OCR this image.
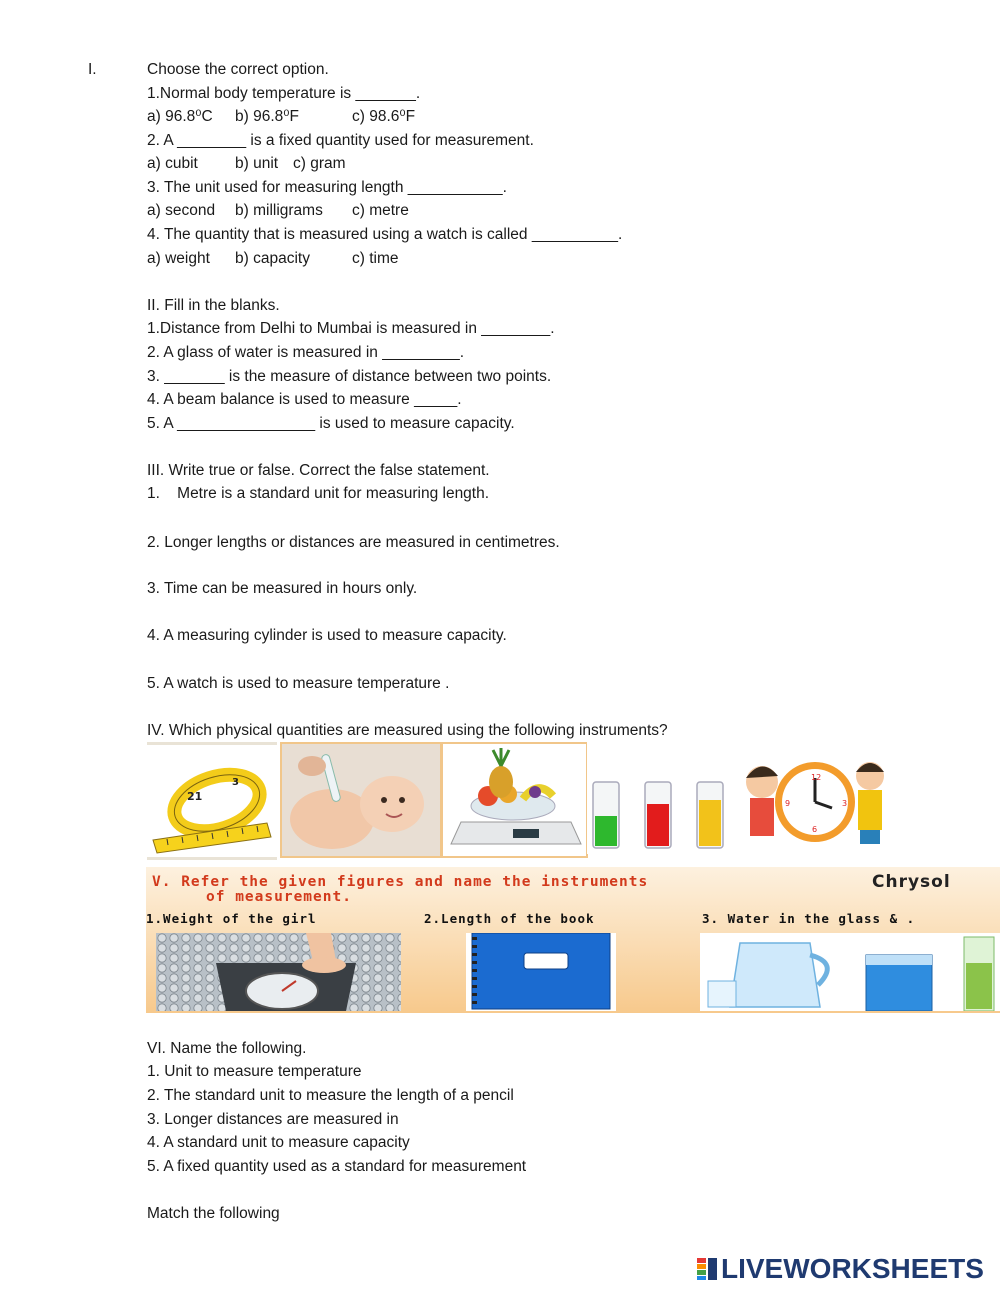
I.	Choose the correct option.
1.Normal body temperature is _______.
a) 96.8⁰C b) 96.8⁰F	c) 98.6⁰F
2. A ________ is a fixed quantity used for measurement.
a) cubit b) unit c) gram
3. The unit used for measuring length ___________.
a) second b) milligrams c) metre
4. The quantity that is measured using a watch is called __________.
a) weight b) capacity	c) time
II. Fill in the blanks.
1.Distance from Delhi to Mumbai is measured in ________.
2. A glass of water is measured in _________.
3. _______ is the measure of distance between two points.
4. A beam balance is used to measure _____.
5. A ________________ is used to measure capacity.
III. Write true or false. Correct the false statement.
1.    Metre is a standard unit for measuring length.
2. Longer lengths or distances are measured in centimetres.
3. Time can be measured in hours only.
4. A measuring cylinder is used to measure capacity.
5. A watch is used to measure temperature .
IV. Which physical quantities are measured using the following instruments?
21
3	12
3
6
9
V. Refer the given figures and name the instruments
of measurement.
Chrysol
1.Weight of the girl	2.Length of the book	3. Water in the glass & .
VI. Name the following.
1. Unit to measure temperature
2. The standard unit to measure the length of a pencil
3. Longer distances are measured in
4. A standard unit to measure capacity
5. A fixed quantity used as a standard for measurement
Match the following
LIVEWORKSHEETS
